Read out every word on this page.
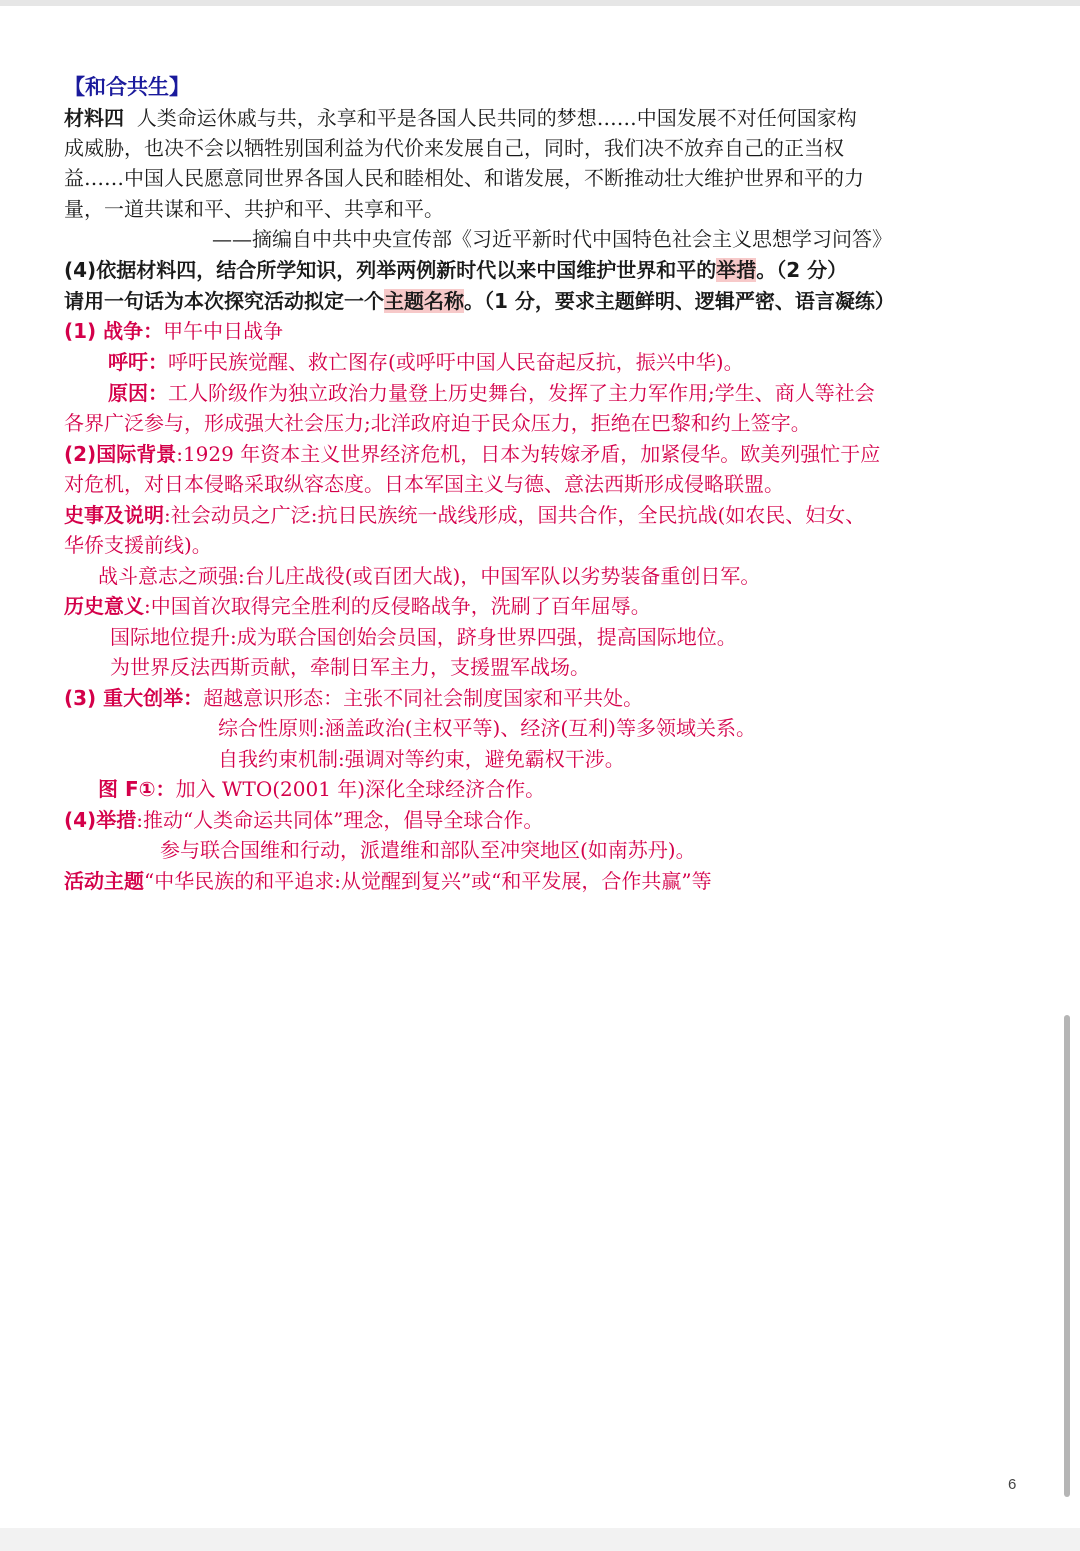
【和合共生】
材料四 人类命运休戚与共，永享和平是各国人民共同的梦想……中国发展不对任何国家构
成威胁，也决不会以牺牲别国利益为代价来发展自己，同时，我们决不放弃自己的正当权
益……中国人民愿意同世界各国人民和睦相处、和谐发展，不断推动壮大维护世界和平的力
量，一道共谋和平、共护和平、共享和平。
——摘编自中共中央宣传部《习近平新时代中国特色社会主义思想学习问答》
(4)依据材料四，结合所学知识，列举两例新时代以来中国维护世界和平的举措。（2 分）
请用一句话为本次探究活动拟定一个主题名称。（1 分，要求主题鲜明、逻辑严密、语言凝练）
(1) 战争：甲午中日战争
呼吁：呼吁民族觉醒、救亡图存(或呼吁中国人民奋起反抗，振兴中华)。
原因：工人阶级作为独立政治力量登上历史舞台，发挥了主力军作用;学生、商人等社会
各界广泛参与，形成强大社会压力;北洋政府迫于民众压力，拒绝在巴黎和约上签字。
(2)国际背景:1929 年资本主义世界经济危机，日本为转嫁矛盾，加紧侵华。欧美列强忙于应
对危机，对日本侵略采取纵容态度。日本军国主义与德、意法西斯形成侵略联盟。
史事及说明:社会动员之广泛:抗日民族统一战线形成，国共合作，全民抗战(如农民、妇女、
华侨支援前线)。
战斗意志之顽强:台儿庄战役(或百团大战)，中国军队以劣势装备重创日军。
历史意义:中国首次取得完全胜利的反侵略战争，洗刷了百年屈辱。
国际地位提升:成为联合国创始会员国，跻身世界四强，提高国际地位。
为世界反法西斯贡献，牵制日军主力，支援盟军战场。
(3) 重大创举：超越意识形态：主张不同社会制度国家和平共处。
综合性原则:涵盖政治(主权平等)、经济(互利)等多领域关系。
自我约束机制:强调对等约束，避免霸权干涉。
图 F①：加入 WTO(2001 年)深化全球经济合作。
(4)举措:推动“人类命运共同体”理念，倡导全球合作。
参与联合国维和行动，派遣维和部队至冲突地区(如南苏丹)。
活动主题“中华民族的和平追求:从觉醒到复兴”或“和平发展，合作共赢”等
6
